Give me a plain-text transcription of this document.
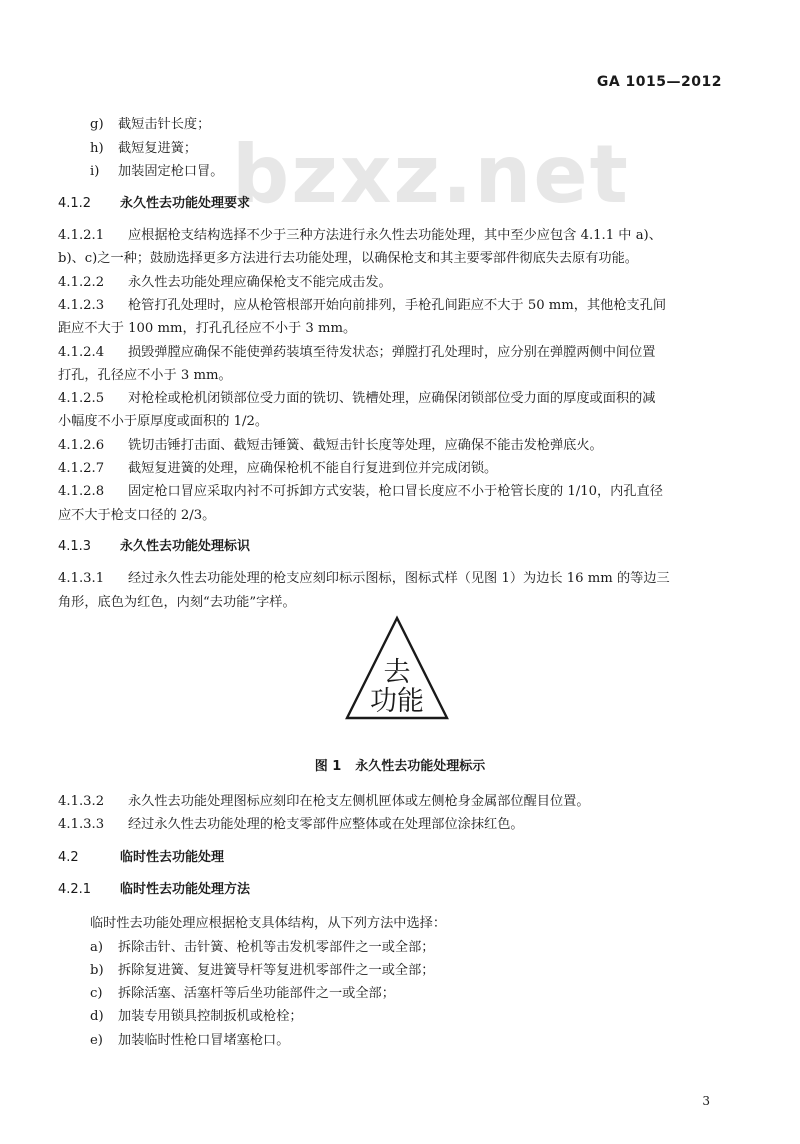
GA 1015—2012
bzxz.net
g) 截短击针长度；
h) 截短复进簧；
i) 加装固定枪口冒。
4.1.2 永久性去功能处理要求
4.1.2.1 应根据枪支结构选择不少于三种方法进行永久性去功能处理，其中至少应包含 4.1.1 中 a)、
b)、c)之一种；鼓励选择更多方法进行去功能处理，以确保枪支和其主要零部件彻底失去原有功能。
4.1.2.2 永久性去功能处理应确保枪支不能完成击发。
4.1.2.3 枪管打孔处理时，应从枪管根部开始向前排列，手枪孔间距应不大于 50 mm，其他枪支孔间
距应不大于 100 mm，打孔孔径应不小于 3 mm。
4.1.2.4 损毁弹膛应确保不能使弹药装填至待发状态；弹膛打孔处理时，应分别在弹膛两侧中间位置
打孔，孔径应不小于 3 mm。
4.1.2.5 对枪栓或枪机闭锁部位受力面的铣切、铣槽处理，应确保闭锁部位受力面的厚度或面积的减
小幅度不小于原厚度或面积的 1/2。
4.1.2.6 铣切击锤打击面、截短击锤簧、截短击针长度等处理，应确保不能击发枪弹底火。
4.1.2.7 截短复进簧的处理，应确保枪机不能自行复进到位并完成闭锁。
4.1.2.8 固定枪口冒应采取内衬不可拆卸方式安装，枪口冒长度应不小于枪管长度的 1/10，内孔直径
应不大于枪支口径的 2/3。
4.1.3 永久性去功能处理标识
4.1.3.1 经过永久性去功能处理的枪支应刻印标示图标，图标式样（见图 1）为边长 16 mm 的等边三
角形，底色为红色，内刻“去功能”字样。
去
功能
图 1 永久性去功能处理标示
4.1.3.2 永久性去功能处理图标应刻印在枪支左侧机匣体或左侧枪身金属部位醒目位置。
4.1.3.3 经过永久性去功能处理的枪支零部件应整体或在处理部位涂抹红色。
4.2	临时性去功能处理
4.2.1 临时性去功能处理方法
临时性去功能处理应根据枪支具体结构，从下列方法中选择：
a) 拆除击针、击针簧、枪机等击发机零部件之一或全部；
b) 拆除复进簧、复进簧导杆等复进机零部件之一或全部；
c) 拆除活塞、活塞杆等后坐功能部件之一或全部；
d) 加装专用锁具控制扳机或枪栓；
e) 加装临时性枪口冒堵塞枪口。
3
